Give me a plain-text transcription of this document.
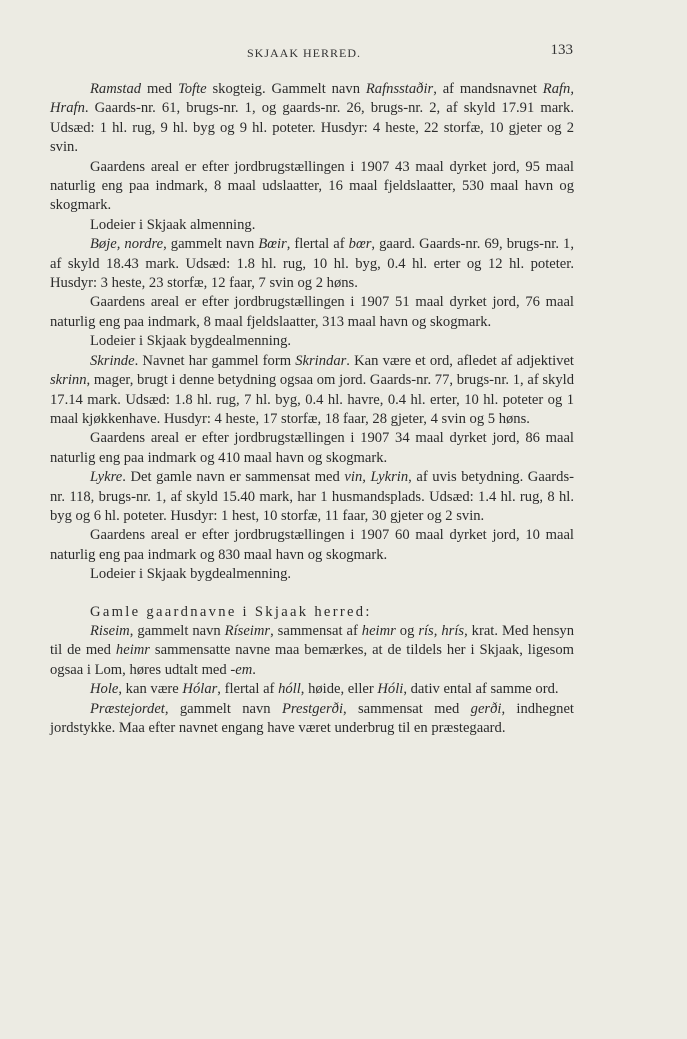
SKJAAK HERRED.	133

Ramstad med Tofte skogteig. Gammelt navn Rafnsstaðir, af mandsnavnet Rafn, Hrafn. Gaards-nr. 61, brugs-nr. 1, og gaards-nr. 26, brugs-nr. 2, af skyld 17.91 mark. Udsæd: 1 hl. rug, 9 hl. byg og 9 hl. poteter. Husdyr: 4 heste, 22 storfæ, 10 gjeter og 2 svin.

Gaardens areal er efter jordbrugstællingen i 1907 43 maal dyrket jord, 95 maal naturlig eng paa indmark, 8 maal udslaatter, 16 maal fjeldslaatter, 530 maal havn og skogmark.

Lodeier i Skjaak almenning.

Bøje, nordre, gammelt navn Bœir, flertal af bœr, gaard. Gaards-nr. 69, brugs-nr. 1, af skyld 18.43 mark. Udsæd: 1.8 hl. rug, 10 hl. byg, 0.4 hl. erter og 12 hl. poteter. Husdyr: 3 heste, 23 storfæ, 12 faar, 7 svin og 2 høns.

Gaardens areal er efter jordbrugstællingen i 1907 51 maal dyrket jord, 76 maal naturlig eng paa indmark, 8 maal fjeldslaatter, 313 maal havn og skogmark.

Lodeier i Skjaak bygdealmenning.

Skrinde. Navnet har gammel form Skrindar. Kan være et ord, afledet af adjektivet skrinn, mager, brugt i denne betydning ogsaa om jord. Gaards-nr. 77, brugs-nr. 1, af skyld 17.14 mark. Udsæd: 1.8 hl. rug, 7 hl. byg, 0.4 hl. havre, 0.4 hl. erter, 10 hl. poteter og 1 maal kjøkkenhave. Husdyr: 4 heste, 17 storfæ, 18 faar, 28 gjeter, 4 svin og 5 høns.

Gaardens areal er efter jordbrugstællingen i 1907 34 maal dyrket jord, 86 maal naturlig eng paa indmark og 410 maal havn og skogmark.

Lykre. Det gamle navn er sammensat med vin, Lykrin, af uvis betydning. Gaards-nr. 118, brugs-nr. 1, af skyld 15.40 mark, har 1 husmandsplads. Udsæd: 1.4 hl. rug, 8 hl. byg og 6 hl. poteter. Husdyr: 1 hest, 10 storfæ, 11 faar, 30 gjeter og 2 svin.

Gaardens areal er efter jordbrugstællingen i 1907 60 maal dyrket jord, 10 maal naturlig eng paa indmark og 830 maal havn og skogmark.

Lodeier i Skjaak bygdealmenning.

Gamle gaardnavne i Skjaak herred:

Riseim, gammelt navn Ríseimr, sammensat af heimr og rís, hrís, krat. Med hensyn til de med heimr sammensatte navne maa bemærkes, at de tildels her i Skjaak, ligesom ogsaa i Lom, høres udtalt med -em.

Hole, kan være Hólar, flertal af hóll, høide, eller Hóli, dativ ental af samme ord.

Præstejordet, gammelt navn Prestgerði, sammensat med gerði, indhegnet jordstykke. Maa efter navnet engang have været underbrug til en præstegaard.
